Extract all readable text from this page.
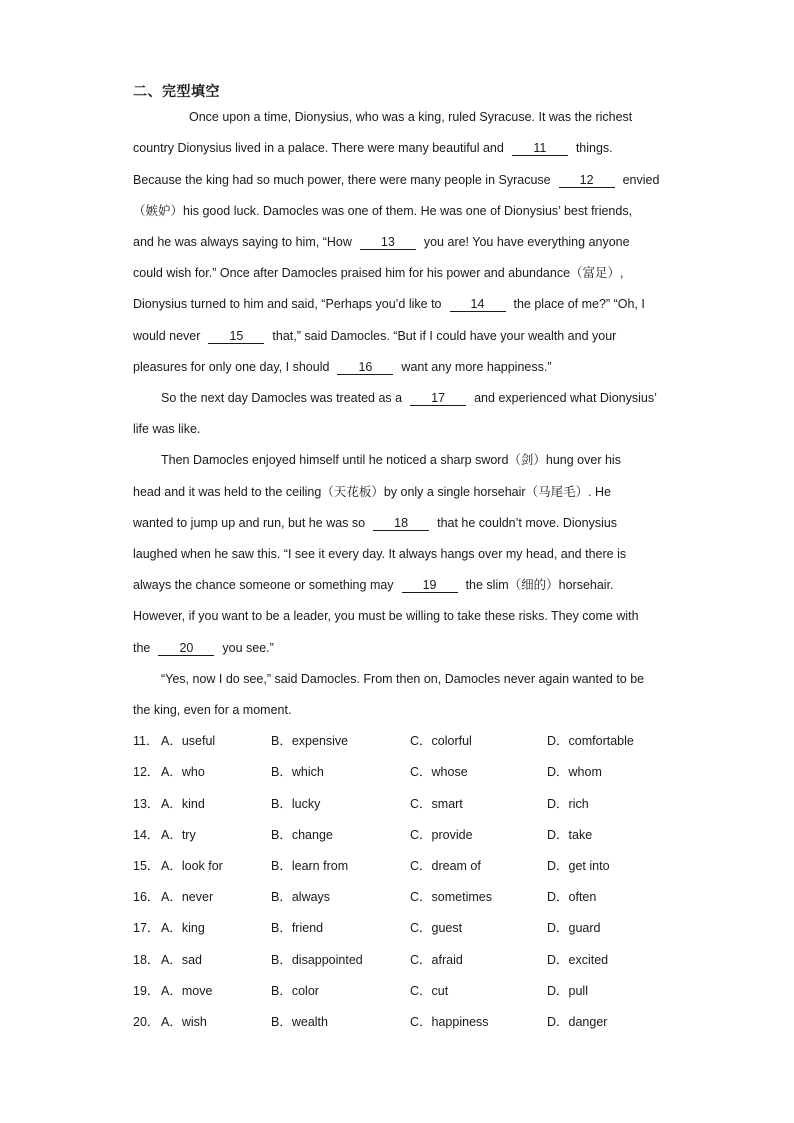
二、完型填空
Once upon a time, Dionysius, who was a king, ruled Syracuse. It was the richest
country Dionysius lived in a palace. There were many beautiful and 11 things.
Because the king had so much power, there were many people in Syracuse 12 envied
（嫉妒）his good luck. Damocles was one of them. He was one of Dionysius’ best friends,
and he was always saying to him, “How 13 you are! You have everything anyone
could wish for.” Once after Damocles praised him for his power and abundance（富足）,
Dionysius turned to him and said, “Perhaps you’d like to 14 the place of me?” “Oh, I
would never 15 that,” said Damocles. “But if I could have your wealth and your
pleasures for only one day, I should 16 want any more happiness.”
So the next day Damocles was treated as a 17 and experienced what Dionysius’
life was like.
Then Damocles enjoyed himself until he noticed a sharp sword（剑）hung over his
head and it was held to the ceiling（天花板）by only a single horsehair（马尾毛）. He
wanted to jump up and run, but he was so 18 that he couldn’t move. Dionysius
laughed when he saw this. “I see it every day. It always hangs over my head, and there is
always the chance someone or something may 19 the slim（细的）horsehair.
However, if you want to be a leader, you must be willing to take these risks. They come with
the 20 you see.”
“Yes, now I do see,” said Damocles. From then on, Damocles never again wanted to be
the king, even for a moment.
11． A．useful	B．expensive	C．colorful	D．comfortable
12． A．who	B．which	C．whose	D．whom
13． A．kind	B．lucky	C．smart	D．rich
14． A．try	B．change	C．provide	D．take
15． A．look for	B．learn from	C．dream of	D．get into
16． A．never	B．always	C．sometimes	D．often
17． A．king	B．friend	C．guest	D．guard
18． A．sad	B．disappointed	C．afraid	D．excited
19． A．move	B．color	C．cut	D．pull
20． A．wish	B．wealth	C．happiness	D．danger
